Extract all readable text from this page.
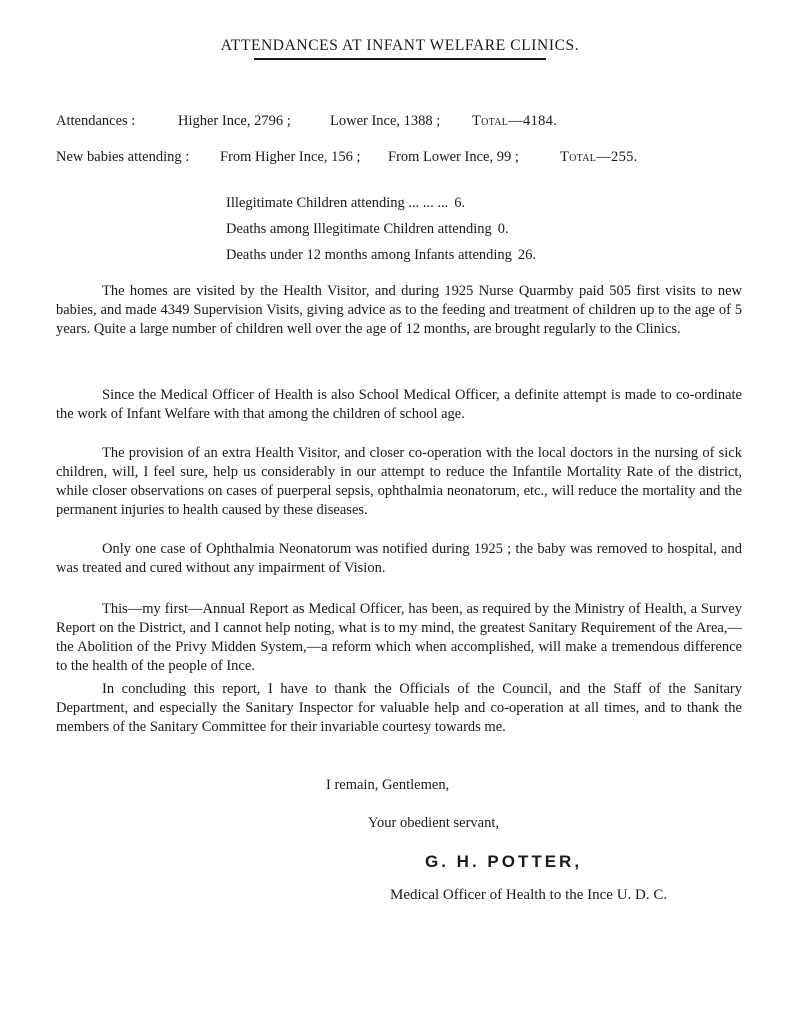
ATTENDANCES AT INFANT WELFARE CLINICS.
Attendances :	Higher Ince, 2796 ;	Lower Ince, 1388 ; Total—4184.
New babies attending : From Higher Ince, 156 ; From Lower Ince, 99 ;	Total—255.
Illegitimate Children attending ... ... ... 6.
Deaths among Illegitimate Children attending 0.
Deaths under 12 months among Infants attending 26.

The homes are visited by the Health Visitor, and during 1925 Nurse Quarmby paid 505 first visits to new babies, and made 4349 Supervision Visits, giving advice as to the feeding and treatment of children up to the age of 5 years. Quite a large number of children well over the age of 12 months, are brought regularly to the Clinics.

Since the Medical Officer of Health is also School Medical Officer, a definite attempt is made to co-ordinate the work of Infant Welfare with that among the children of school age.

The provision of an extra Health Visitor, and closer co-operation with the local doctors in the nursing of sick children, will, I feel sure, help us considerably in our attempt to reduce the Infantile Mortality Rate of the district, while closer observations on cases of puerperal sepsis, ophthalmia neonatorum, etc., will reduce the mortality and the permanent injuries to health caused by these diseases.

Only one case of Ophthalmia Neonatorum was notified during 1925 ; the baby was removed to hospital, and was treated and cured without any impairment of Vision.

This—my first—Annual Report as Medical Officer, has been, as required by the Ministry of Health, a Survey Report on the District, and I cannot help noting, what is to my mind, the greatest Sanitary Requirement of the Area,—the Abolition of the Privy Midden System,—a reform which when accomplished, will make a tremendous difference to the health of the people of Ince.

In concluding this report, I have to thank the Officials of the Council, and the Staff of the Sanitary Department, and especially the Sanitary Inspector for valuable help and co-operation at all times, and to thank the members of the Sanitary Committee for their invariable courtesy towards me.

I remain, Gentlemen,
Your obedient servant,
G. H. POTTER,
Medical Officer of Health to the Ince U. D. C.
